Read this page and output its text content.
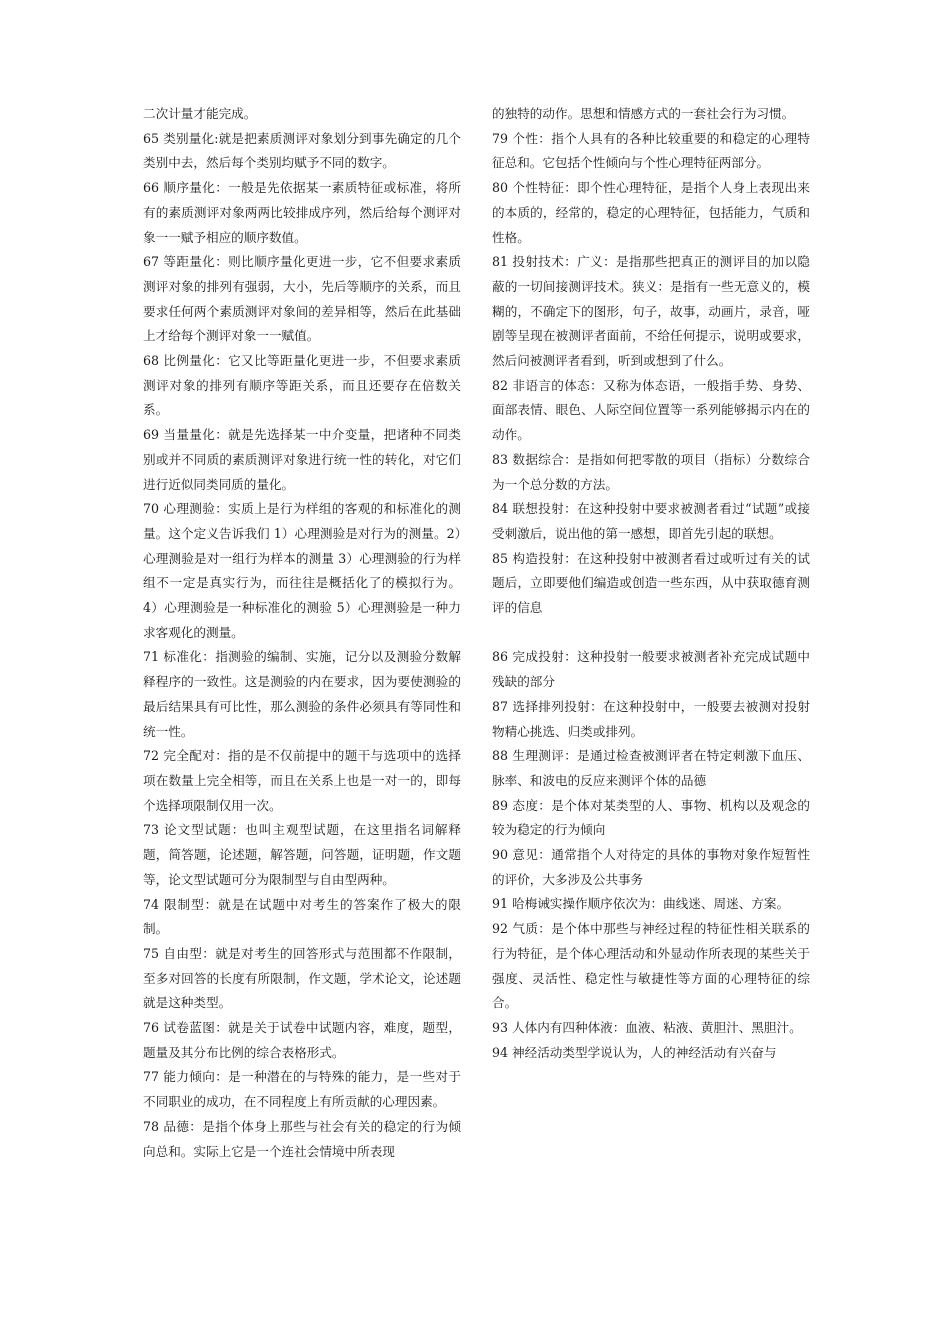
二次计量才能完成。

65 类别量化:就是把素质测评对象划分到事先确定的几个类别中去，然后每个类别均赋予不同的数字。

66 顺序量化：一般是先依据某一素质特征或标准，将所有的素质测评对象两两比较排成序列，然后给每个测评对象一一赋予相应的顺序数值。

67 等距量化：则比顺序量化更进一步，它不但要求素质测评对象的排列有强弱，大小，先后等顺序的关系，而且要求任何两个素质测评对象间的差异相等，然后在此基础上才给每个测评对象一一赋值。

68 比例量化：它又比等距量化更进一步，不但要求素质测评对象的排列有顺序等距关系，而且还要存在倍数关系。

69 当量量化：就是先选择某一中介变量，把诸种不同类别或并不同质的素质测评对象进行统一性的转化，对它们进行近似同类同质的量化。

70 心理测验：实质上是行为样组的客观的和标准化的测量。这个定义告诉我们 1）心理测验是对行为的测量。2）心理测验是对一组行为样本的测量 3）心理测验的行为样组不一定是真实行为，而往往是概括化了的模拟行为。 4）心理测验是一种标准化的测验 5）心理测验是一种力求客观化的测量。

71 标准化：指测验的编制、实施，记分以及测验分数解释程序的一致性。这是测验的内在要求，因为要使测验的最后结果具有可比性，那么测验的条件必须具有等同性和统一性。

72 完全配对：指的是不仅前提中的题干与选项中的选择项在数量上完全相等，而且在关系上也是一对一的，即每个选择项限制仅用一次。

73 论文型试题：也叫主观型试题，在这里指名词解释题，简答题，论述题，解答题，问答题，证明题，作文题等，论文型试题可分为限制型与自由型两种。

74 限制型：就是在试题中对考生的答案作了极大的限制。

75 自由型：就是对考生的回答形式与范围都不作限制，至多对回答的长度有所限制，作文题，学术论文，论述题就是这种类型。

76 试卷蓝图：就是关于试卷中试题内容，难度，题型，题量及其分布比例的综合表格形式。

77 能力倾向：是一种潜在的与特殊的能力，是一些对于不同职业的成功，在不同程度上有所贡献的心理因素。

78 品德：是指个体身上那些与社会有关的稳定的行为倾向总和。实际上它是一个连社会情境中所表现

的独特的动作。思想和情感方式的一套社会行为习惯。

79 个性：指个人具有的各种比较重要的和稳定的心理特征总和。它包括个性倾向与个性心理特征两部分。

80 个性特征：即个性心理特征，是指个人身上表现出来的本质的，经常的，稳定的心理特征，包括能力，气质和性格。

81 投射技术：广义：是指那些把真正的测评目的加以隐蔽的一切间接测评技术。狭义：是指有一些无意义的，模糊的，不确定下的图形，句子，故事，动画片，录音，哑剧等呈现在被测评者面前，不给任何提示，说明或要求，然后问被测评者看到，听到或想到了什么。

82 非语言的体态：又称为体态语，一般指手势、身势、面部表情、眼色、人际空间位置等一系列能够揭示内在的动作。

83 数据综合：是指如何把零散的项目（指标）分数综合为一个总分数的方法。

84 联想投射：在这种投射中要求被测者看过“试题”或接受刺激后，说出他的第一感想，即首先引起的联想。

85 构造投射：在这种投射中被测者看过或听过有关的试题后，立即要他们编造或创造一些东西，从中获取德育测评的信息

86 完成投射：这种投射一般要求被测者补充完成试题中残缺的部分

87 选择排列投射：在这种投射中，一般要去被测对投射物精心挑选、归类或排列。

88 生理测评：是通过检查被测评者在特定刺激下血压、脉率、和波电的反应来测评个体的品德

89 态度：是个体对某类型的人、事物、机构以及观念的较为稳定的行为倾向

90 意见：通常指个人对待定的具体的事物对象作短暂性的评价，大多涉及公共事务

91 哈梅诫实操作顺序依次为：曲线迷、周迷、方案。

92 气质：是个体中那些与神经过程的特征性相关联系的行为特征，是个体心理活动和外显动作所表现的某些关于强度、灵活性、稳定性与敏捷性等方面的心理特征的综合。

93 人体内有四种体液：血液、粘液、黄胆汁、黑胆汁。

94 神经活动类型学说认为，人的神经活动有兴奋与
